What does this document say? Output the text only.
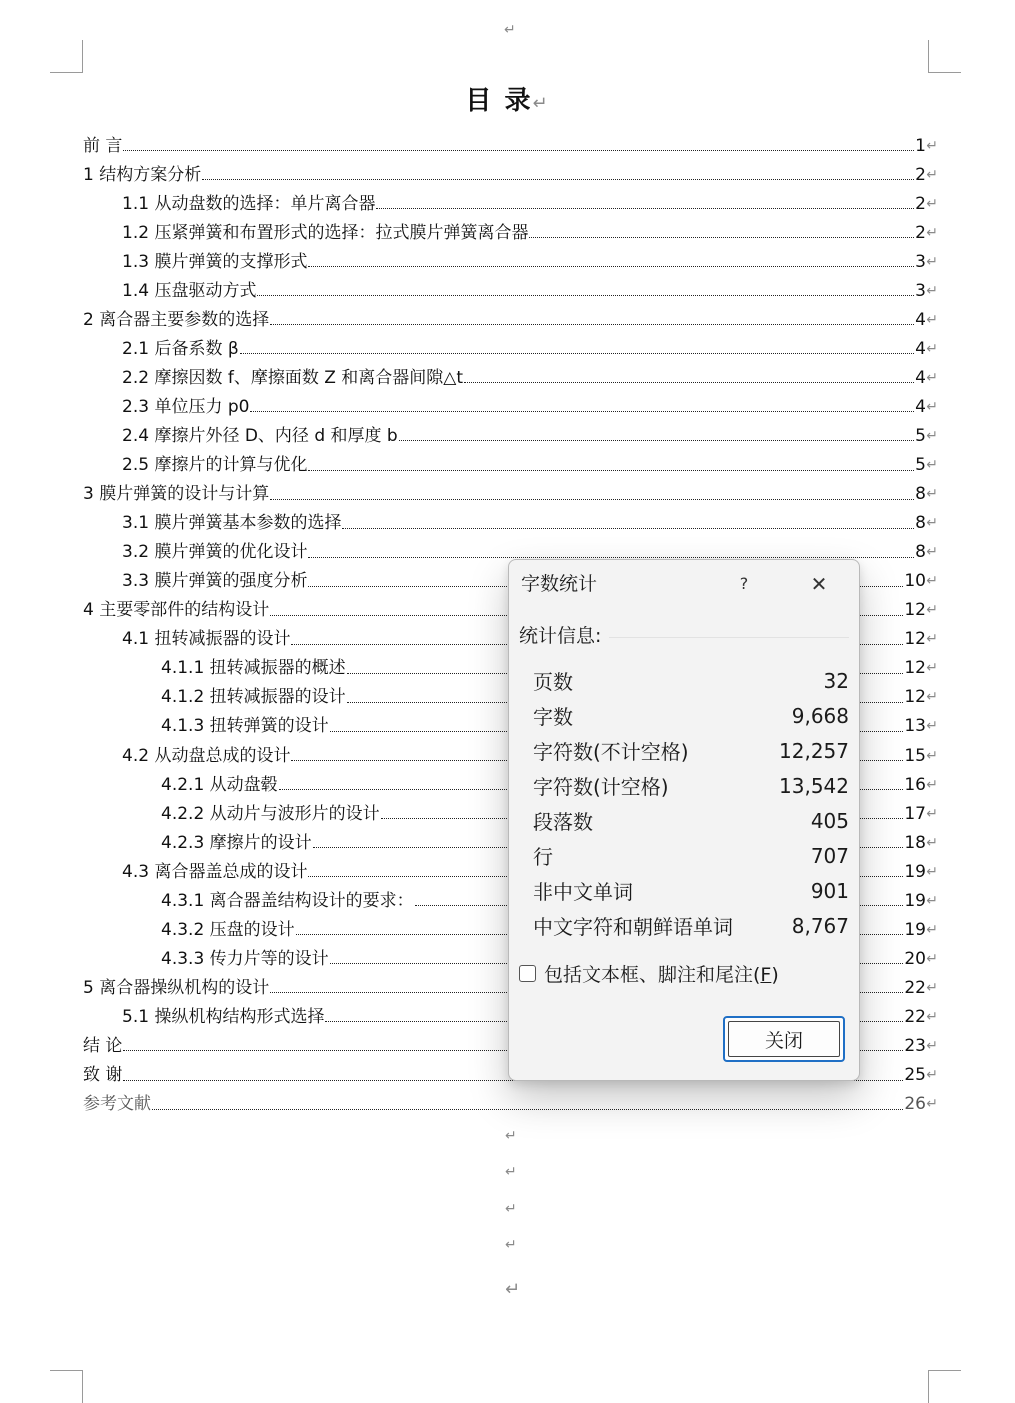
↵
目 录↵
前 言	1 ↵
1 结构方案分析	2 ↵
1.1 从动盘数的选择：单片离合器	2 ↵
1.2 压紧弹簧和布置形式的选择：拉式膜片弹簧离合器	2 ↵
1.3 膜片弹簧的支撑形式	3 ↵
1.4 压盘驱动方式	3 ↵
2 离合器主要参数的选择	4 ↵
2.1 后备系数 β	4 ↵
2.2 摩擦因数 f、摩擦面数 Z 和离合器间隙△t	4 ↵
2.3 单位压力 p0	4 ↵
2.4 摩擦片外径 D、内径 d 和厚度 b	5 ↵
2.5 摩擦片的计算与优化	5 ↵
3 膜片弹簧的设计与计算	8 ↵
3.1 膜片弹簧基本参数的选择	8 ↵
3.2 膜片弹簧的优化设计	8 ↵
3.3 膜片弹簧的强度分析	10 ↵
4 主要零部件的结构设计	12 ↵
4.1 扭转减振器的设计	12 ↵
4.1.1 扭转减振器的概述	12 ↵
4.1.2 扭转减振器的设计	12 ↵
4.1.3 扭转弹簧的设计	13 ↵
4.2 从动盘总成的设计	15 ↵
4.2.1 从动盘毂	16 ↵
4.2.2 从动片与波形片的设计	17 ↵
4.2.3 摩擦片的设计	18 ↵
4.3 离合器盖总成的设计	19 ↵
4.3.1 离合器盖结构设计的要求：	19 ↵
4.3.2 压盘的设计	19 ↵
4.3.3 传力片等的设计	20 ↵
5 离合器操纵机构的设计	22 ↵
5.1 操纵机构结构形式选择	22 ↵
结 论	23 ↵
致 谢	25 ↵
参考文献	26 ↵
↵
↵
↵
↵
↵
字数统计	?	✕
统计信息:
页数	32
字数	9,668
字符数(不计空格)	12,257
字符数(计空格)	13,542
段落数	405
行	707
非中文单词	901
中文字符和朝鲜语单词	8,767
包括文本框、脚注和尾注(F)
关闭
